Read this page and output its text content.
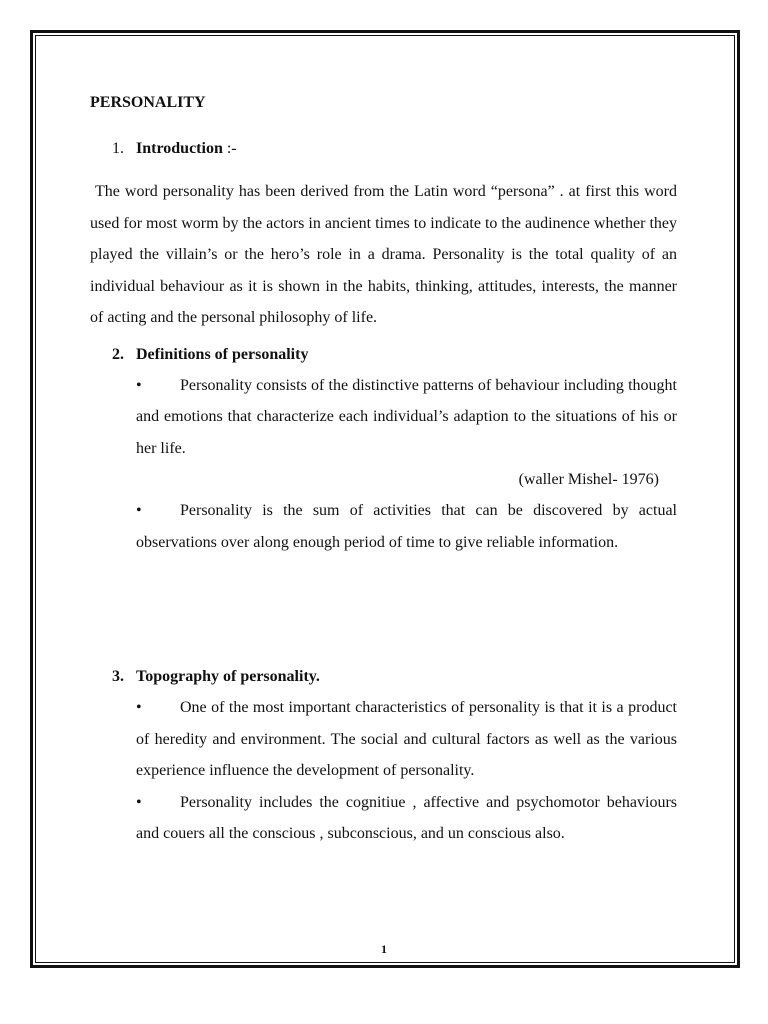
PERSONALITY
1. Introduction :-

The word personality has been derived from the Latin word “persona” . at first this word used for most worm by the actors in ancient times to indicate to the audinence whether they played the villain’s or the hero’s role in a drama. Personality is the total quality of an individual behaviour as it is shown in the habits, thinking, attitudes, interests, the manner of acting and the personal philosophy of life.

2. Definitions of personality
• Personality consists of the distinctive patterns of behaviour including thought and emotions that characterize each individual’s adaption to the situations of his or her life.
(waller Mishel- 1976)
• Personality is the sum of activities that can be discovered by actual observations over along enough period of time to give reliable information.
3. Topography of personality.
• One of the most important characteristics of personality is that it is a product of heredity and environment. The social and cultural factors as well as the various experience influence the development of personality.
• Personality includes the cognitiue , affective and psychomotor behaviours and couers all the conscious , subconscious, and un conscious also.
1
